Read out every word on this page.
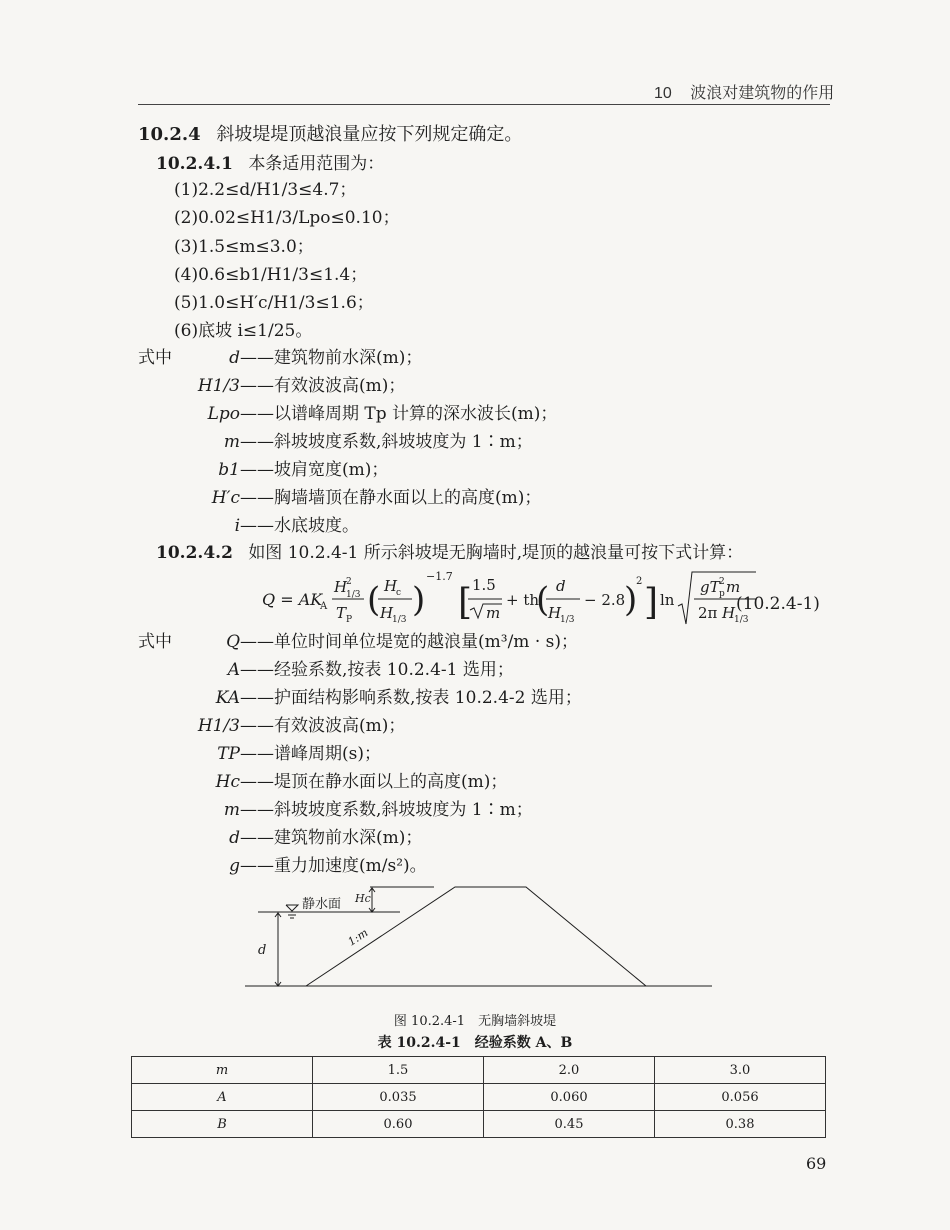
10 波浪对建筑物的作用
10.2.4 斜坡堤堤顶越浪量应按下列规定确定。
10.2.4.1 本条适用范围为：
(1)2.2≤d/H1/3≤4.7；
(2)0.02≤H1/3/Lpo≤0.10；
(3)1.5≤m≤3.0；
(4)0.6≤b1/H1/3≤1.4；
(5)1.0≤H′c/H1/3≤1.6；
(6)底坡 i≤1/25。
式中	d ——建筑物前水深(m)；
H1/3 ——有效波波高(m)；
Lpo ——以谱峰周期 Tp 计算的深水波长(m)；
m ——斜坡坡度系数,斜坡坡度为 1∶m；
b1 ——坡肩宽度(m)；
H′c ——胸墙墙顶在静水面以上的高度(m)；
i ——水底坡度。
10.2.4.2 如图 10.2.4-1 所示斜坡堤无胸墙时,堤顶的越浪量可按下式计算：
Q = AK
A
H
2
1/3
T P ( H
c
H
1/3 )
−1.7
[ 1.5
m
+ th
( d
H
1/3
− 2.8
)
2
] ln
gT 2
p m
2π H
1/3
(10.2.4-1)
式中	Q ——单位时间单位堤宽的越浪量(m³/m · s)；
A ——经验系数,按表 10.2.4-1 选用；
KA ——护面结构影响系数,按表 10.2.4-2 选用；
H1/3 ——有效波波高(m)；
TP ——谱峰周期(s)；
Hc ——堤顶在静水面以上的高度(m)；
m ——斜坡坡度系数,斜坡坡度为 1∶m；
d ——建筑物前水深(m)；
g ——重力加速度(m/s²)。
静水面 Hc
d
1:m
图 10.2.4-1　无胸墙斜坡堤
表 10.2.4-1　经验系数 A、B
m	1.5	2.0	3.0
A	0.035	0.060	0.056
B	0.60	0.45	0.38
69
